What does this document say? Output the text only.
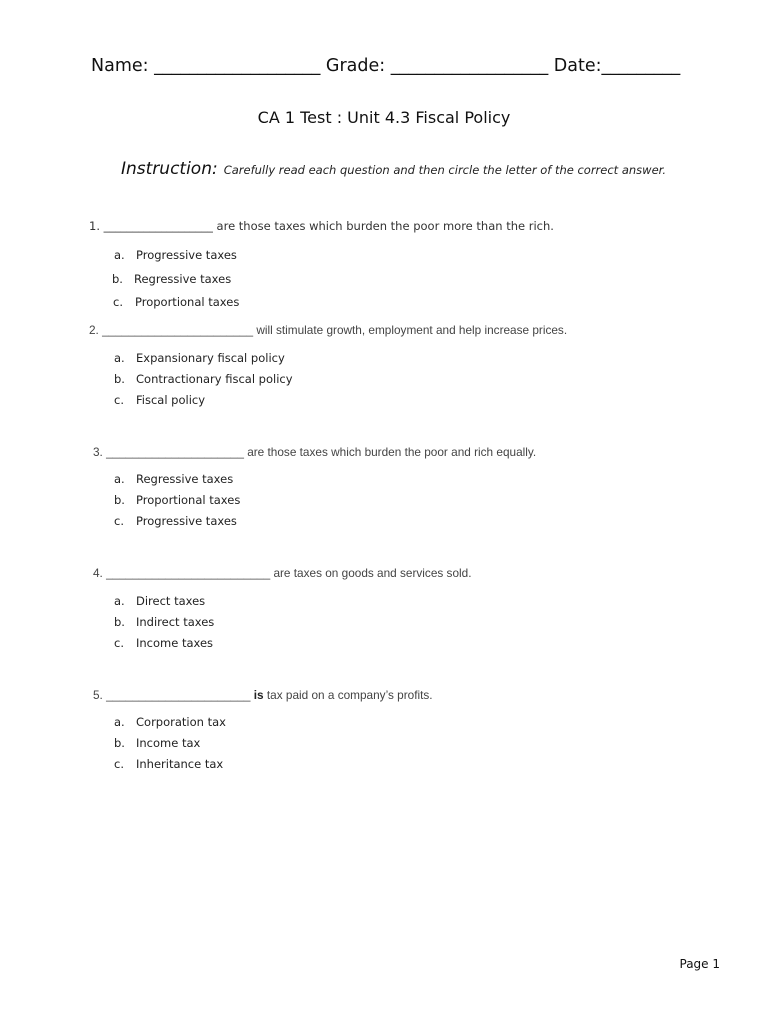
Name: ___________________ Grade: __________________ Date:_________
CA 1 Test : Unit 4.3 Fiscal Policy
Instruction: Carefully read each question and then circle the letter of the correct answer.
1. ___________________ are those taxes which burden the poor more than the rich.
a. Progressive taxes
b. Regressive taxes
c. Proportional taxes
2. _______________________ will stimulate growth, employment and help increase prices.
a. Expansionary fiscal policy
b. Contractionary fiscal policy
c. Fiscal policy
3. _____________________ are those taxes which burden the poor and rich equally.
a. Regressive taxes
b. Proportional taxes
c. Progressive taxes
4. _________________________ are taxes on goods and services sold.
a. Direct taxes
b. Indirect taxes
c. Income taxes
5. ______________________ is tax paid on a company’s profits.
a. Corporation tax
b. Income tax
c. Inheritance tax
Page 1
